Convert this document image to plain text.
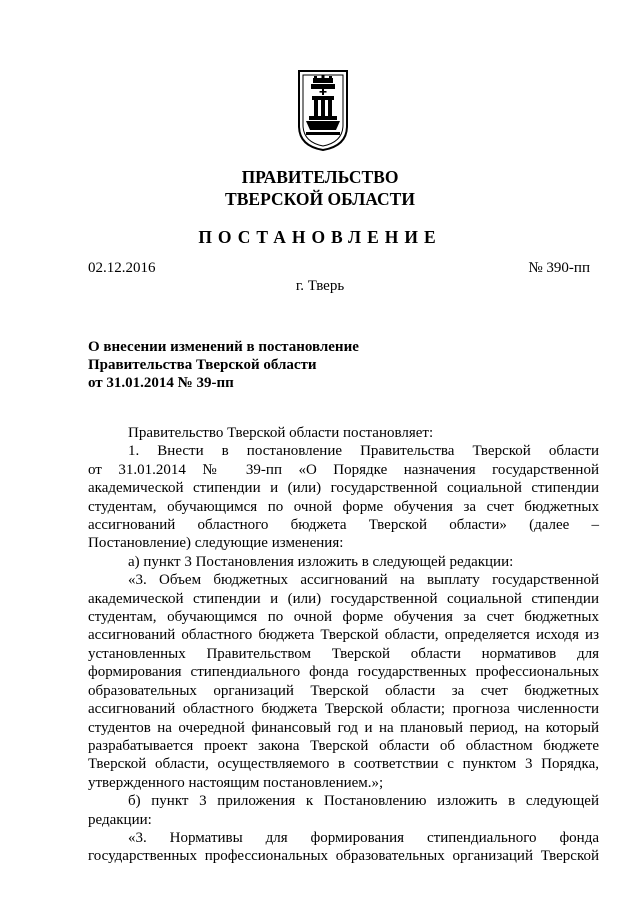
ПРАВИТЕЛЬСТВО
ТВЕРСКОЙ ОБЛАСТИ
ПОСТАНОВЛЕНИЕ
02.12.2016	№ 390-пп
г. Тверь
О внесении изменений в постановление
Правительства Тверской области
от 31.01.2014 № 39-пп
Правительство Тверской области постановляет:
1. Внести в постановление Правительства Тверской области
от 31.01.2014 № 39-пп «О Порядке назначения государственной
академической стипендии и (или) государственной социальной стипендии
студентам, обучающимся по очной форме обучения за счет бюджетных
ассигнований областного бюджета Тверской области» (далее –
Постановление) следующие изменения:
а) пункт 3 Постановления изложить в следующей редакции:
«3. Объем бюджетных ассигнований на выплату государственной
академической стипендии и (или) государственной социальной стипендии
студентам, обучающимся по очной форме обучения за счет бюджетных
ассигнований областного бюджета Тверской области, определяется исходя из
установленных Правительством Тверской области нормативов для
формирования стипендиального фонда государственных профессиональных
образовательных организаций Тверской области за счет бюджетных
ассигнований областного бюджета Тверской области; прогноза численности
студентов на очередной финансовый год и на плановый период, на который
разрабатывается проект закона Тверской области об областном бюджете
Тверской области, осуществляемого в соответствии с пунктом 3 Порядка,
утвержденного настоящим постановлением.»;
б) пункт 3 приложения к Постановлению изложить в следующей
редакции:
«3. Нормативы для формирования стипендиального фонда
государственных профессиональных образовательных организаций Тверской
